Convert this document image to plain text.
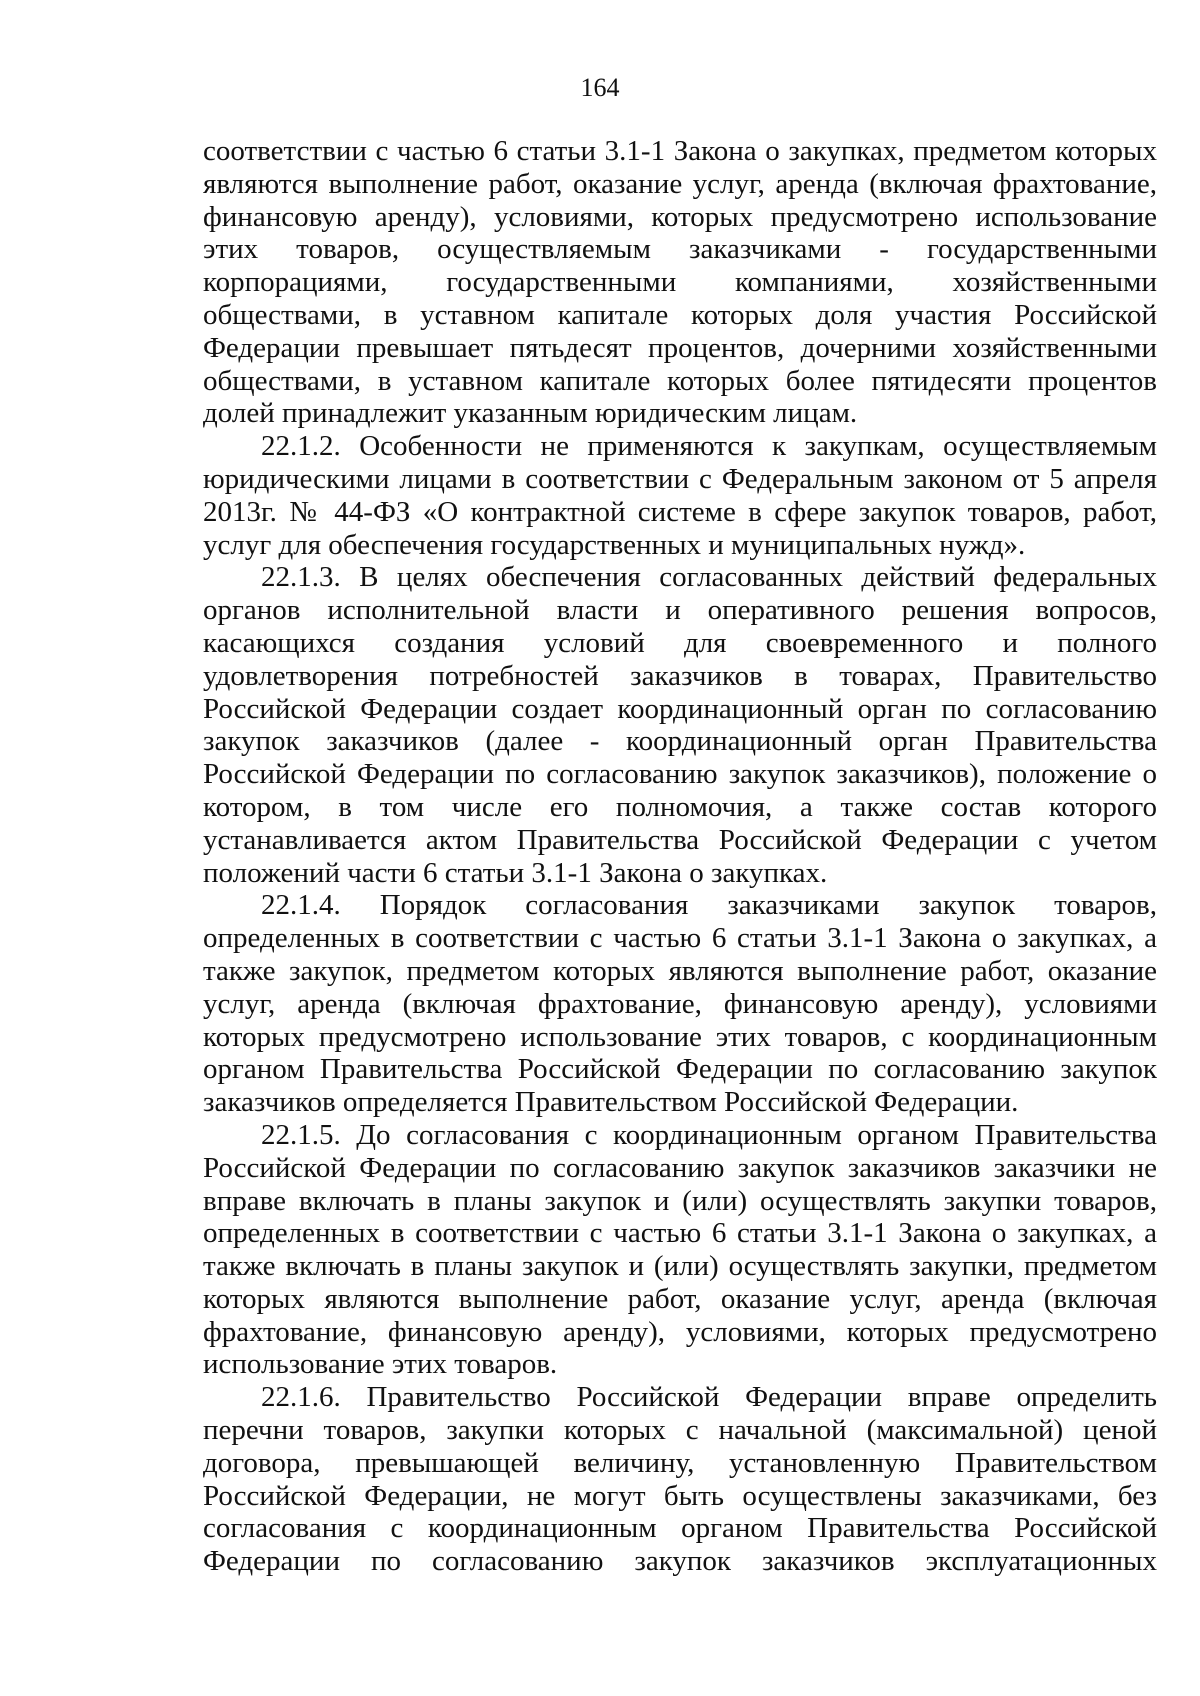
164

соответствии с частью 6 статьи 3.1-1 Закона о закупках, предметом которых являются выполнение работ, оказание услуг, аренда (включая фрахтование, финансовую аренду), условиями, которых предусмотрено использование этих товаров, осуществляемым заказчиками - государственными корпорациями, государственными компаниями, хозяйственными обществами, в уставном капитале которых доля участия Российской Федерации превышает пятьдесят процентов, дочерними хозяйственными обществами, в уставном капитале которых более пятидесяти процентов долей принадлежит указанным юридическим лицам.

22.1.2. Особенности не применяются к закупкам, осуществляемым юридическими лицами в соответствии с Федеральным законом от 5 апреля 2013г. № 44-ФЗ «О контрактной системе в сфере закупок товаров, работ, услуг для обеспечения государственных и муниципальных нужд».

22.1.3. В целях обеспечения согласованных действий федеральных органов исполнительной власти и оперативного решения вопросов, касающихся создания условий для своевременного и полного удовлетворения потребностей заказчиков в товарах, Правительство Российской Федерации создает координационный орган по согласованию закупок заказчиков (далее - координационный орган Правительства Российской Федерации по согласованию закупок заказчиков), положение о котором, в том числе его полномочия, а также состав которого устанавливается актом Правительства Российской Федерации с учетом положений части 6 статьи 3.1-1 Закона о закупках.

22.1.4. Порядок согласования заказчиками закупок товаров, определенных в соответствии с частью 6 статьи 3.1-1 Закона о закупках, а также закупок, предметом которых являются выполнение работ, оказание услуг, аренда (включая фрахтование, финансовую аренду), условиями которых предусмотрено использование этих товаров, с координационным органом Правительства Российской Федерации по согласованию закупок заказчиков определяется Правительством Российской Федерации.

22.1.5. До согласования с координационным органом Правительства Российской Федерации по согласованию закупок заказчиков заказчики не вправе включать в планы закупок и (или) осуществлять закупки товаров, определенных в соответствии с частью 6 статьи 3.1-1 Закона о закупках, а также включать в планы закупок и (или) осуществлять закупки, предметом которых являются выполнение работ, оказание услуг, аренда (включая фрахтование, финансовую аренду), условиями, которых предусмотрено использование этих товаров.

22.1.6. Правительство Российской Федерации вправе определить перечни товаров, закупки которых с начальной (максимальной) ценой договора, превышающей величину, установленную Правительством Российской Федерации, не могут быть осуществлены заказчиками, без согласования с координационным органом Правительства Российской Федерации по согласованию закупок заказчиков эксплуатационных
